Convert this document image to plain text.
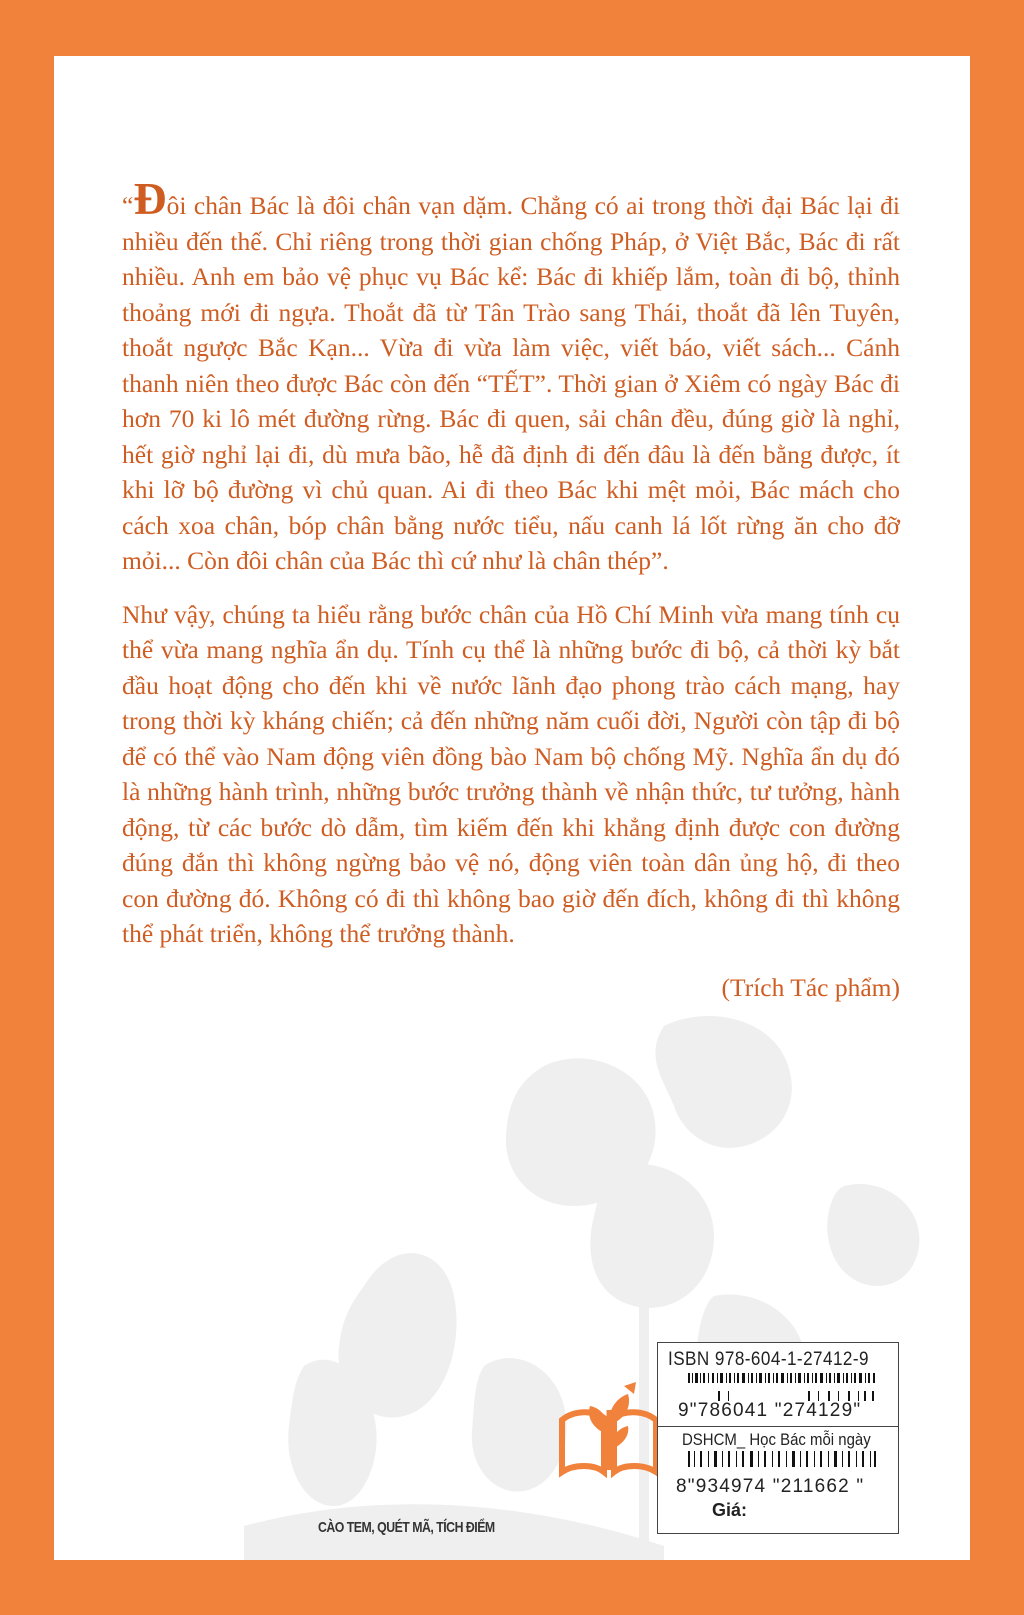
“Đôi chân Bác là đôi chân vạn dặm. Chẳng có ai trong thời đại Bác lại đi nhiều đến thế. Chỉ riêng trong thời gian chống Pháp, ở Việt Bắc, Bác đi rất nhiều. Anh em bảo vệ phục vụ Bác kể: Bác đi khiếp lắm, toàn đi bộ, thỉnh thoảng mới đi ngựa. Thoắt đã từ Tân Trào sang Thái, thoắt đã lên Tuyên, thoắt ngược Bắc Kạn... Vừa đi vừa làm việc, viết báo, viết sách... Cánh thanh niên theo được Bác còn đến “TẾT”. Thời gian ở Xiêm có ngày Bác đi hơn 70 ki lô mét đường rừng. Bác đi quen, sải chân đều, đúng giờ là nghỉ, hết giờ nghỉ lại đi, dù mưa bão, hễ đã định đi đến đâu là đến bằng được, ít khi lỡ bộ đường vì chủ quan. Ai đi theo Bác khi mệt mỏi, Bác mách cho cách xoa chân, bóp chân bằng nước tiểu, nấu canh lá lốt rừng ăn cho đỡ mỏi... Còn đôi chân của Bác thì cứ như là chân thép”.

Như vậy, chúng ta hiểu rằng bước chân của Hồ Chí Minh vừa mang tính cụ thể vừa mang nghĩa ẩn dụ. Tính cụ thể là những bước đi bộ, cả thời kỳ bắt đầu hoạt động cho đến khi về nước lãnh đạo phong trào cách mạng, hay trong thời kỳ kháng chiến; cả đến những năm cuối đời, Người còn tập đi bộ để có thể vào Nam động viên đồng bào Nam bộ chống Mỹ. Nghĩa ẩn dụ đó là những hành trình, những bước trưởng thành về nhận thức, tư tưởng, hành động, từ các bước dò dẫm, tìm kiếm đến khi khẳng định được con đường đúng đắn thì không ngừng bảo vệ nó, động viên toàn dân ủng hộ, đi theo con đường đó. Không có đi thì không bao giờ đến đích, không đi thì không thể phát triển, không thể trưởng thành.

(Trích Tác phẩm)

CÀO TEM, QUÉT MÃ, TÍCH ĐIỂM
ISBN 978-604-1-27412-9
9"786041 "274129"
DSHCM_ Học Bác mỗi ngày
8"934974 "211662 "
Giá:
